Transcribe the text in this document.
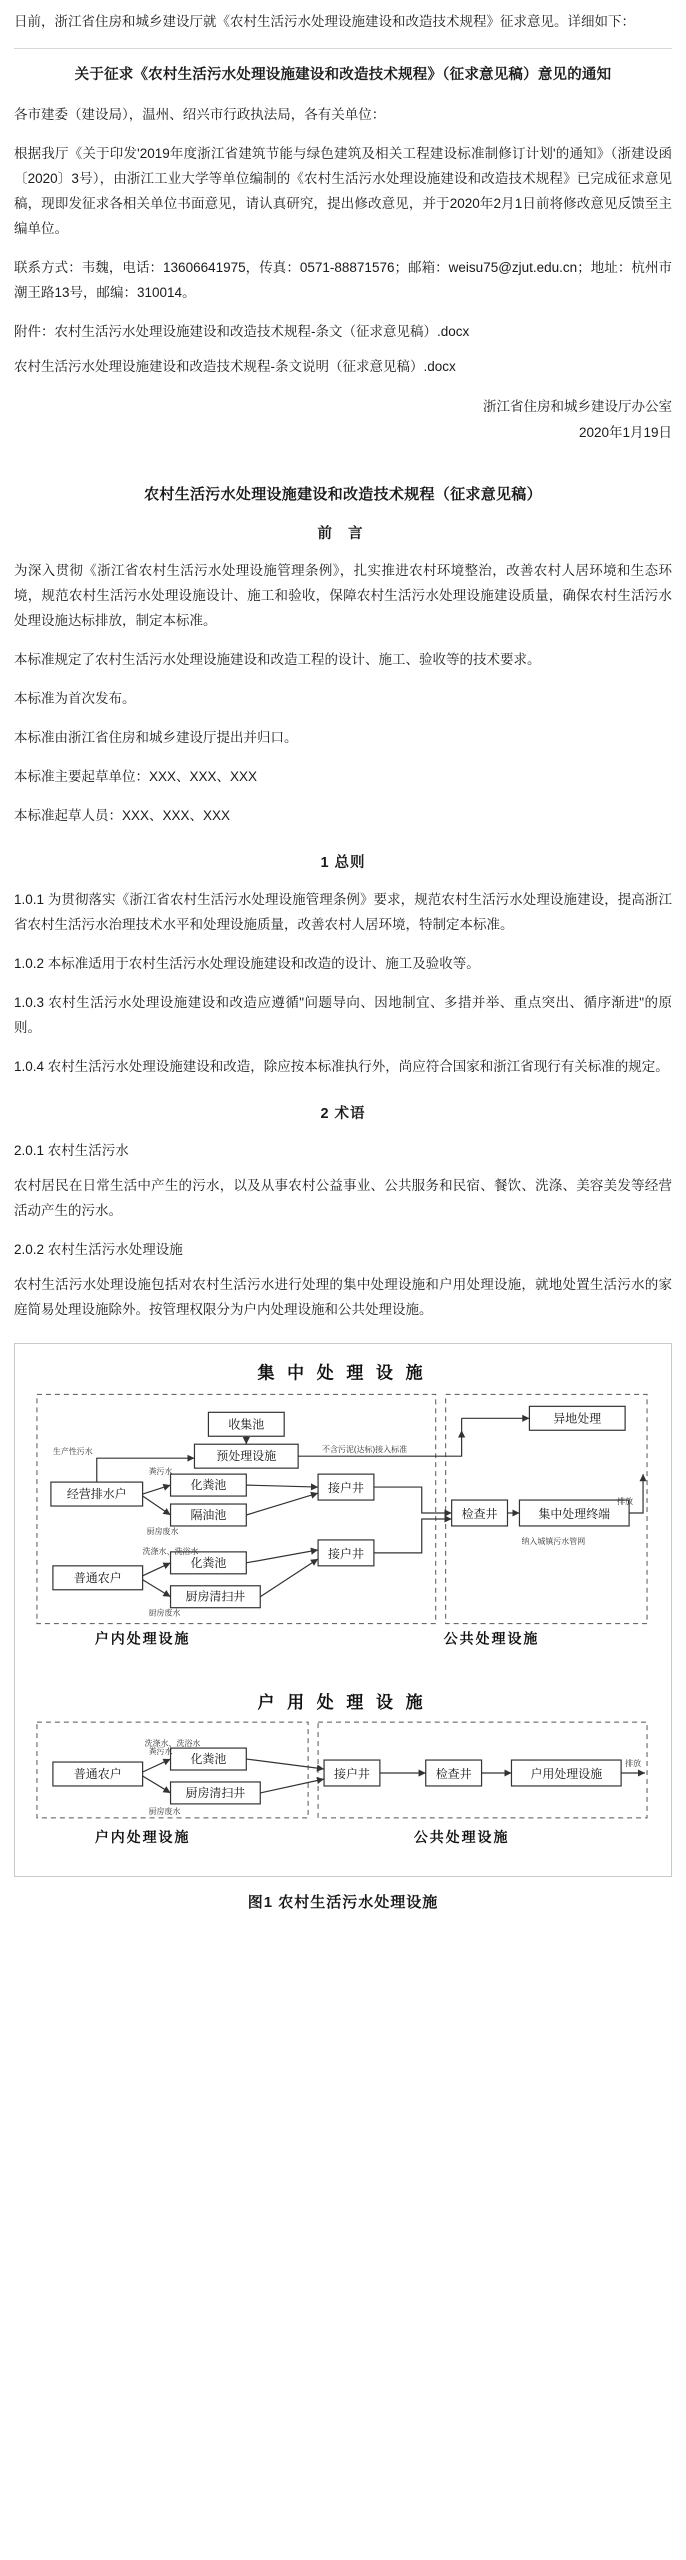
日前，浙江省住房和城乡建设厅就《农村生活污水处理设施建设和改造技术规程》征求意见。详细如下：

关于征求《农村生活污水处理设施建设和改造技术规程》（征求意见稿）意见的通知

各市建委（建设局），温州、绍兴市行政执法局，各有关单位：

根据我厅《关于印发'2019年度浙江省建筑节能与绿色建筑及相关工程建设标准制修订计划'的通知》（浙建设函〔2020〕3号），由浙江工业大学等单位编制的《农村生活污水处理设施建设和改造技术规程》已完成征求意见稿，现即发征求各相关单位书面意见，请认真研究，提出修改意见，并于2020年2月1日前将修改意见反馈至主编单位。

联系方式：韦魏，电话：13606641975，传真：0571-88871576；邮箱：weisu75@zjut.edu.cn；地址：杭州市潮王路13号，邮编：310014。

附件：农村生活污水处理设施建设和改造技术规程-条文（征求意见稿）.docx

农村生活污水处理设施建设和改造技术规程-条文说明（征求意见稿）.docx

浙江省住房和城乡建设厅办公室

2020年1月19日

农村生活污水处理设施建设和改造技术规程（征求意见稿）
前 言

为深入贯彻《浙江省农村生活污水处理设施管理条例》，扎实推进农村环境整治，改善农村人居环境和生态环境，规范农村生活污水处理设施设计、施工和验收，保障农村生活污水处理设施建设质量，确保农村生活污水处理设施达标排放，制定本标准。

本标准规定了农村生活污水处理设施建设和改造工程的设计、施工、验收等的技术要求。

本标准为首次发布。

本标准由浙江省住房和城乡建设厅提出并归口。

本标准主要起草单位：XXX、XXX、XXX

本标准起草人员：XXX、XXX、XXX

1 总则

1.0.1 为贯彻落实《浙江省农村生活污水处理设施管理条例》要求，规范农村生活污水处理设施建设，提高浙江省农村生活污水治理技术水平和处理设施质量，改善农村人居环境，特制定本标准。

1.0.2 本标准适用于农村生活污水处理设施建设和改造的设计、施工及验收等。

1.0.3 农村生活污水处理设施建设和改造应遵循"问题导向、因地制宜、多措并举、重点突出、循序渐进"的原则。

1.0.4 农村生活污水处理设施建设和改造，除应按本标准执行外，尚应符合国家和浙江省现行有关标准的规定。

2 术语

2.0.1 农村生活污水

农村居民在日常生活中产生的污水，以及从事农村公益事业、公共服务和民宿、餐饮、洗涤、美容美发等经营活动产生的污水。

2.0.2 农村生活污水处理设施

农村生活污水处理设施包括对农村生活污水进行处理的集中处理设施和户用处理设施，就地处置生活污水的家庭简易处理设施除外。按管理权限分为户内处理设施和公共处理设施。

集 中 处 理 设 施
异地处理
集中处理终端
检查井
收集池
预处理设施
经营排水户
化粪池
隔油池
普通农户
化粪池
厨房清扫井
接户井
接户井
生产性污水	不含污泥(达标)接入标准
粪污水
厨房废水
洗涤水、洗浴水
厨房废水
排放
纳入城镇污水管网
户内处理设施	公共处理设施
户 用 处 理 设 施
普通农户
化粪池
厨房清扫井
接户井	检查井	户用处理设施
洗涤水、洗浴水
粪污水
厨房废水
排放
户内处理设施	公共处理设施
图1 农村生活污水处理设施
